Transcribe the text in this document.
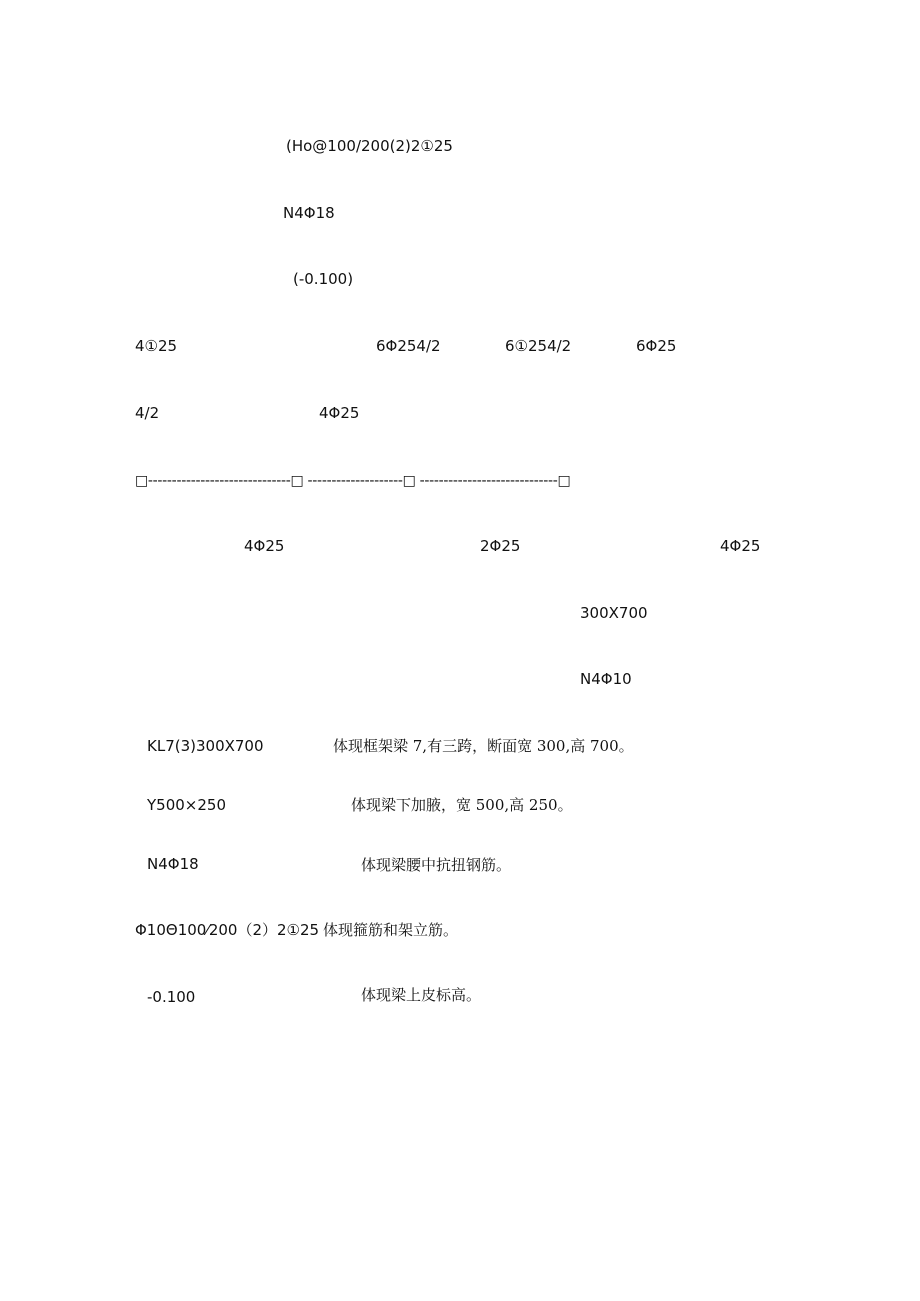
(Ho@100/200(2)2①25
N4Φ18
(-0.100)
4①25	6Φ254/2	6①254/2	6Φ25
4/2	4Φ25
□------------------------------□ --------------------□ -----------------------------□
4Φ25	2Φ25	4Φ25
300X700
N4Φ10
KL7(3)300X700	体现框架梁 7,有三跨，断面宽 300,高 700。
Y500×250	体现梁下加腋，宽 500,高 250。
N4Φ18	体现梁腰中抗扭钢筋。
Φ10Θ100⁄200（2）2①25 体现箍筋和架立筋。
-0.100	体现梁上皮标高。
